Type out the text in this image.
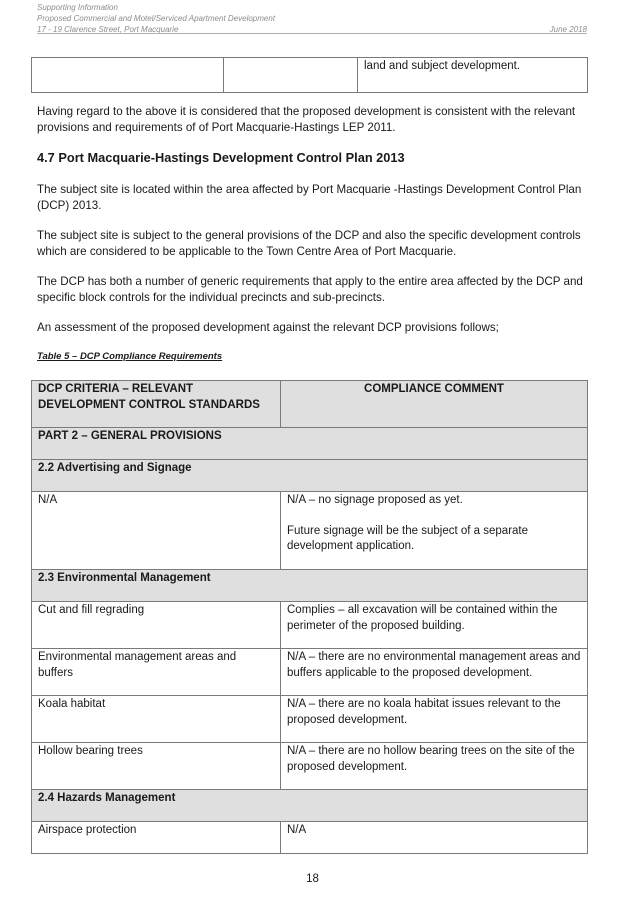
Supporting Information
Proposed Commercial and Motel/Serviced Apartment Development
17 - 19 Clarence Street, Port Macquarie	June 2018
		land and subject development.

Having regard to the above it is considered that the proposed development is consistent with the relevant provisions and requirements of of Port Macquarie-Hastings LEP 2011.

4.7 Port Macquarie-Hastings Development Control Plan 2013

The subject site is located within the area affected by Port Macquarie -Hastings Development Control Plan (DCP) 2013.

The subject site is subject to the general provisions of the DCP and also the specific development controls which are considered to be applicable to the Town Centre Area of Port Macquarie.

The DCP has both a number of generic requirements that apply to the entire area affected by the DCP and specific block controls for the individual precincts and sub-precincts.

An assessment of the proposed development against the relevant DCP provisions follows;

Table 5 – DCP Compliance Requirements

DCP CRITERIA – RELEVANT DEVELOPMENT CONTROL STANDARDS	COMPLIANCE COMMENT
PART 2 – GENERAL PROVISIONS	
2.2 Advertising and Signage	
N/A	N/A – no signage proposed as yet.

Future signage will be the subject of a separate development application.

2.3 Environmental Management	
Cut and fill regrading	Complies – all excavation will be contained within the perimeter of the proposed building.
Environmental management areas and buffers	N/A – there are no environmental management areas and buffers applicable to the proposed development.
Koala habitat	N/A – there are no koala habitat issues relevant to the proposed development.
Hollow bearing trees	N/A – there are no hollow bearing trees on the site of the proposed development.
2.4 Hazards Management	
Airspace protection	N/A
18
